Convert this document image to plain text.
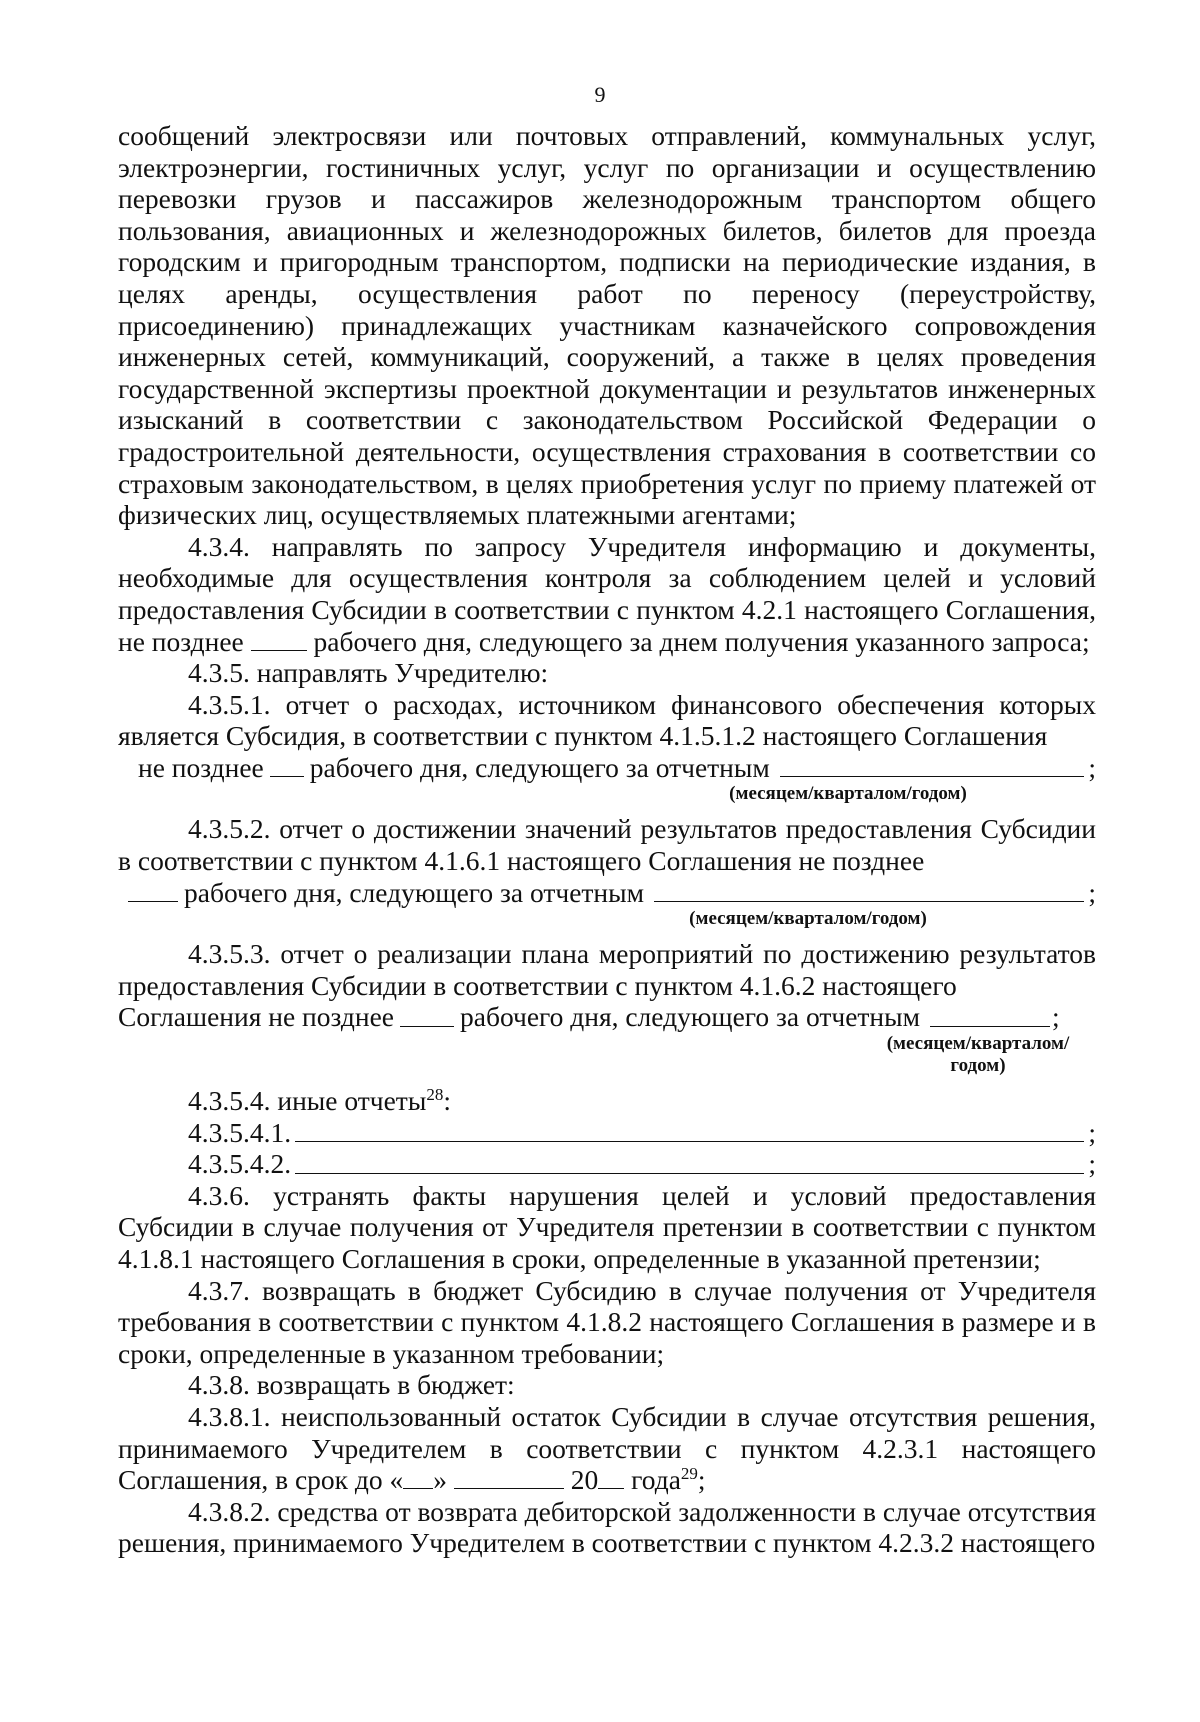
9

сообщений электросвязи или почтовых отправлений, коммунальных услуг, электроэнергии, гостиничных услуг, услуг по организации и осуществлению перевозки грузов и пассажиров железнодорожным транспортом общего пользования, авиационных и железнодорожных билетов, билетов для проезда городским и пригородным транспортом, подписки на периодические издания, в целях аренды, осуществления работ по переносу (переустройству, присоединению) принадлежащих участникам казначейского сопровождения инженерных сетей, коммуникаций, сооружений, а также в целях проведения государственной экспертизы проектной документации и результатов инженерных изысканий в соответствии с законодательством Российской Федерации о градостроительной деятельности, осуществления страхования в соответствии со страховым законодательством, в целях приобретения услуг по приему платежей от физических лиц, осуществляемых платежными агентами;

4.3.4. направлять по запросу Учредителя информацию и документы, необходимые для осуществления контроля за соблюдением целей и условий предоставления Субсидии в соответствии с пунктом 4.2.1 настоящего Соглашения, не позднее	рабочего дня, следующего за днем получения указанного запроса;

4.3.5. направлять Учредителю:

4.3.5.1. отчет о расходах, источником финансового обеспечения которых является Субсидия, в соответствии с пунктом 4.1.5.1.2 настоящего Соглашения

не позднее рабочего дня, следующего за отчетным	;
(месяцем/кварталом/годом)

4.3.5.2. отчет о достижении значений результатов предоставления Субсидии в соответствии с пунктом 4.1.6.1 настоящего Соглашения не позднее

рабочего дня, следующего за отчетным	;
(месяцем/кварталом/годом)

4.3.5.3. отчет о реализации плана мероприятий по достижению результатов предоставления Субсидии в соответствии с пунктом 4.1.6.2 настоящего

Соглашения не позднее рабочего дня, следующего за отчетным	;
(месяцем/кварталом/
годом)

4.3.5.4. иные отчеты$^{28}$:

4.3.5.4.1.	;
4.3.5.4.2.	;

4.3.6. устранять факты нарушения целей и условий предоставления Субсидии в случае получения от Учредителя претензии в соответствии с пунктом 4.1.8.1 настоящего Соглашения в сроки, определенные в указанной претензии;

4.3.7. возвращать в бюджет Субсидию в случае получения от Учредителя требования в соответствии с пунктом 4.1.8.2 настоящего Соглашения в размере и в сроки, определенные в указанном требовании;

4.3.8. возвращать в бюджет:

4.3.8.1. неиспользованный остаток Субсидии в случае отсутствия решения, принимаемого Учредителем в соответствии с пунктом 4.2.3.1 настоящего Соглашения, в срок до « »	20 года$^{29}$;

4.3.8.2. средства от возврата дебиторской задолженности в случае отсутствия решения, принимаемого Учредителем в соответствии с пунктом 4.2.3.2 настоящего
